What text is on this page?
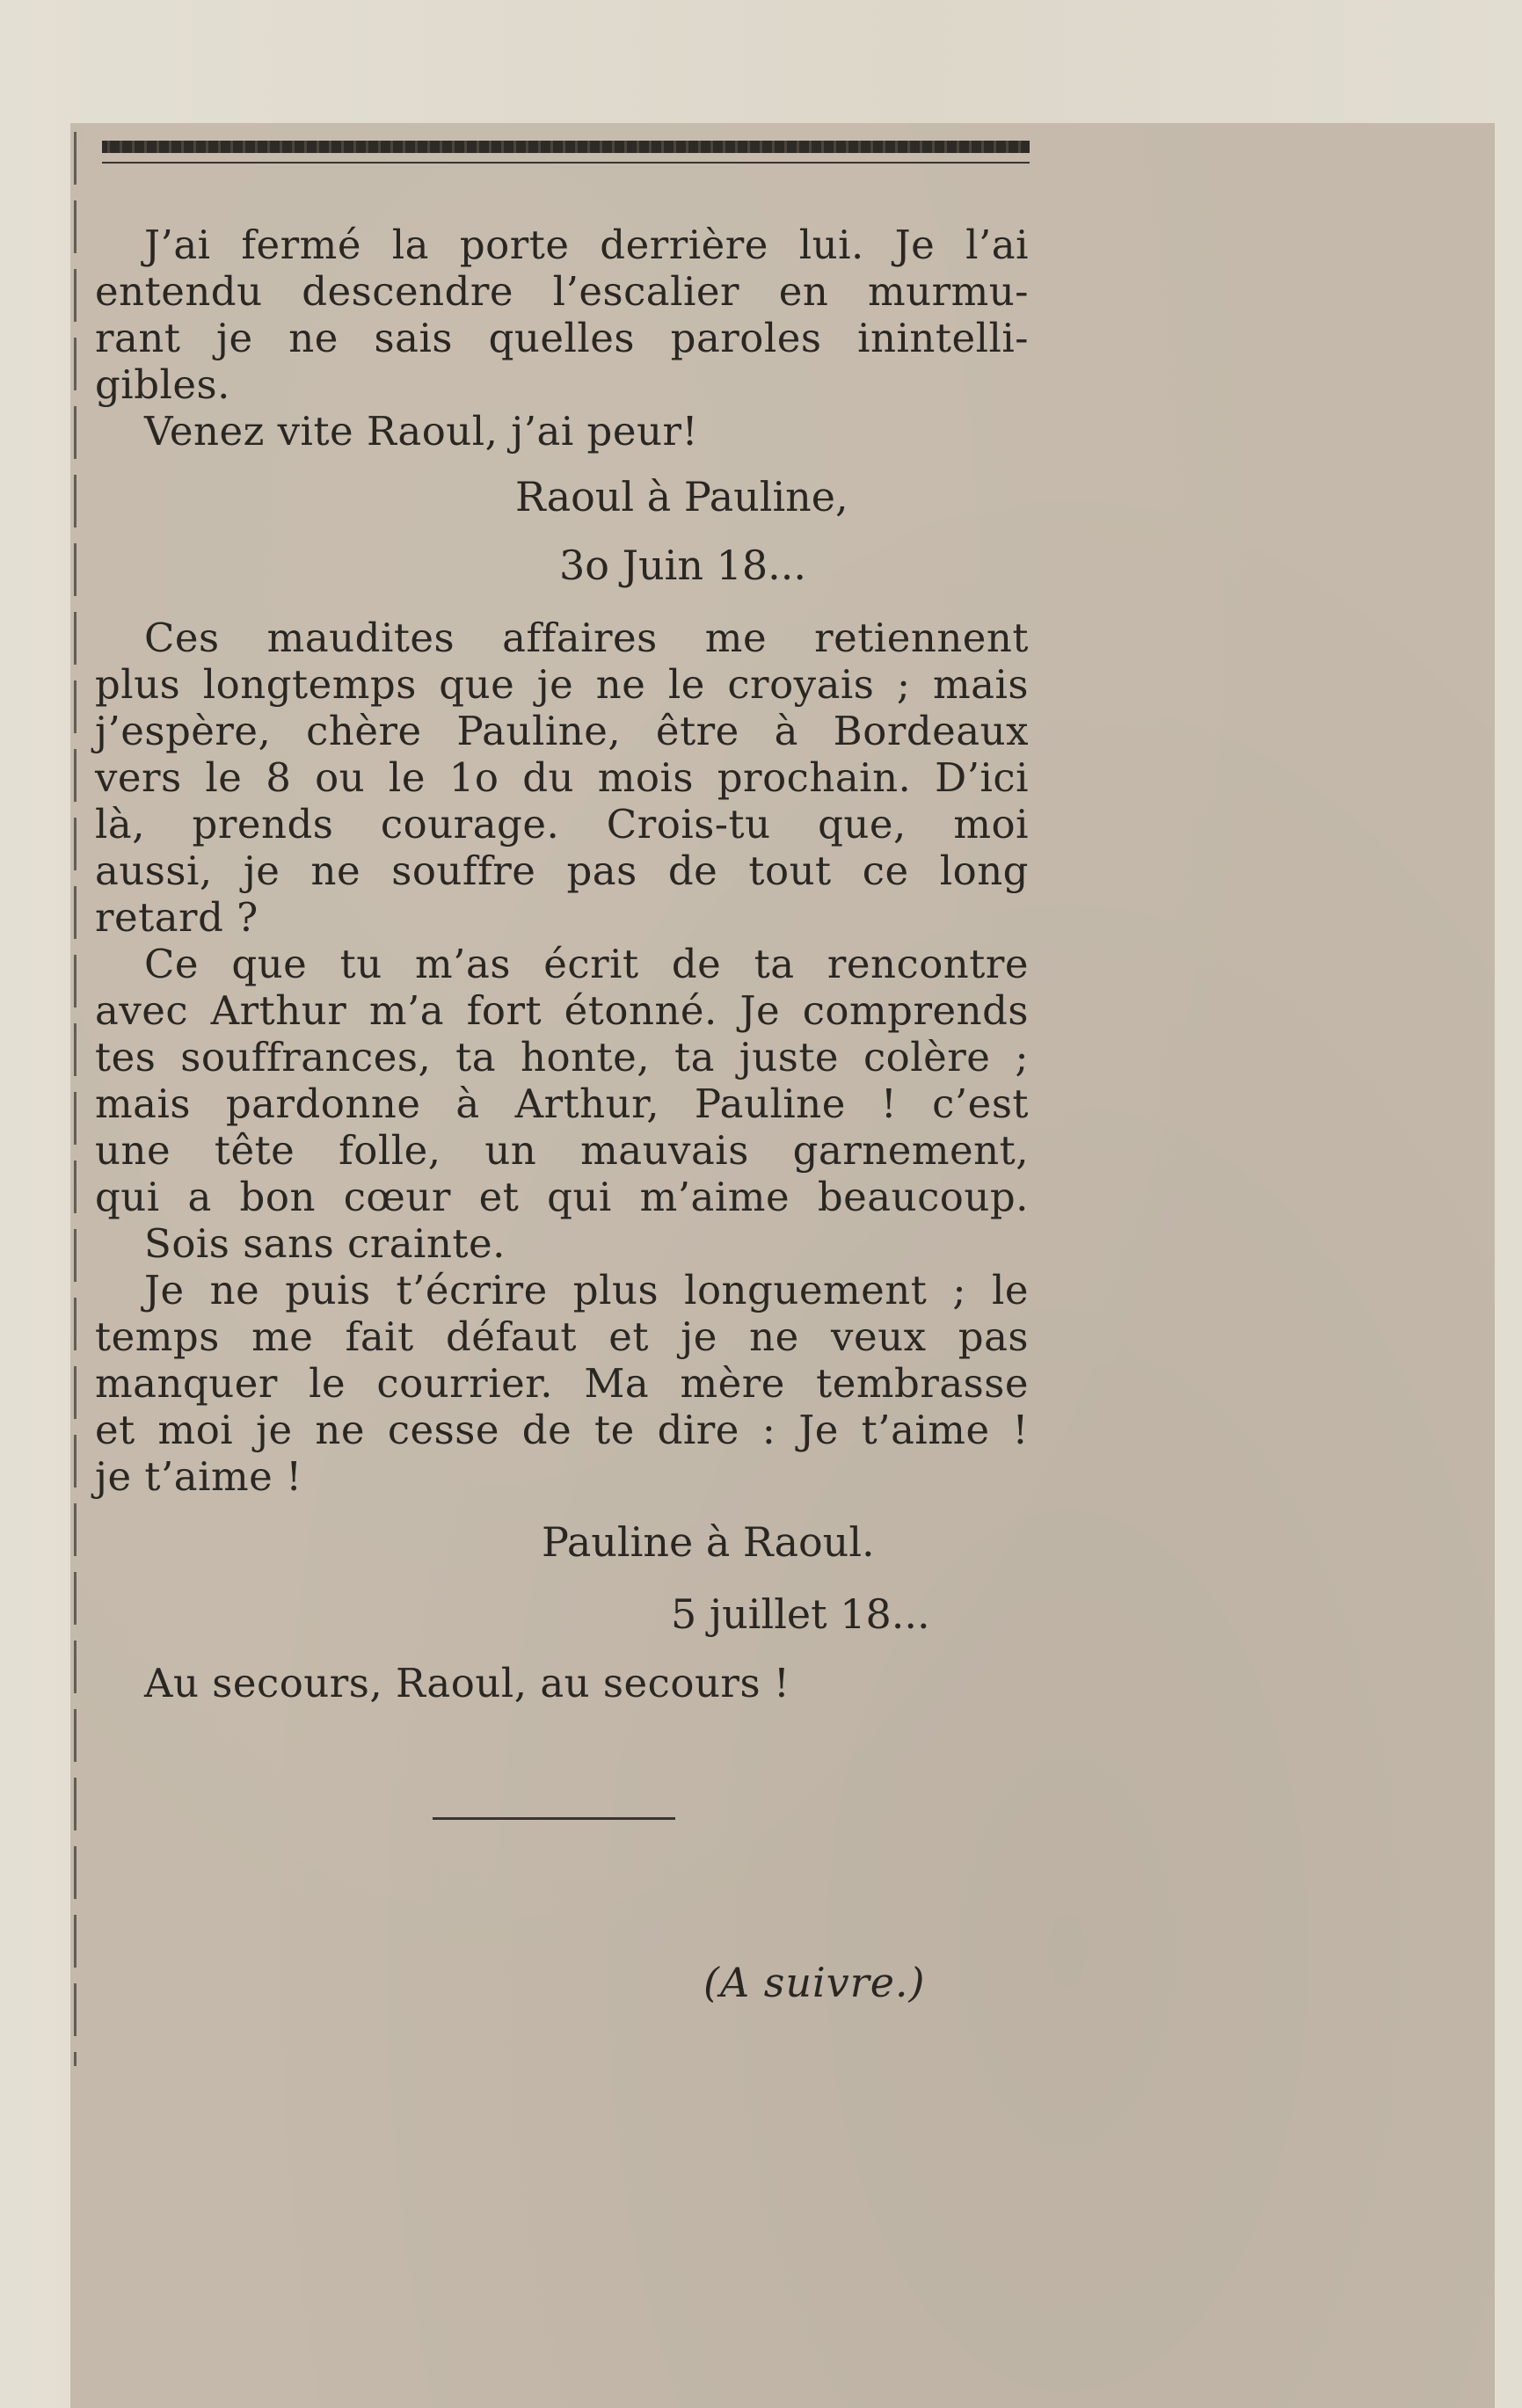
J’ai fermé la porte derrière lui. Je l’ai
entendu descendre l’escalier en murmu-
rant je ne sais quelles paroles inintelli-
gibles.
Venez vite Raoul, j’ai peur!
Raoul à Pauline,
3o Juin 18...
Ces maudites affaires me retiennent
plus longtemps que je ne le croyais ; mais
j’espère, chère Pauline, être à Bordeaux
vers le 8 ou le 1o du mois prochain. D’ici
là, prends courage. Crois-tu que, moi
aussi, je ne souffre pas de tout ce long
retard ?
Ce que tu m’as écrit de ta rencontre
avec Arthur m’a fort étonné. Je comprends
tes souffrances, ta honte, ta juste colère ;
mais pardonne à Arthur, Pauline ! c’est
une tête folle, un mauvais garnement,
qui a bon cœur et qui m’aime beaucoup.
Sois sans crainte.
Je ne puis t’écrire plus longuement ; le
temps me fait défaut et je ne veux pas
manquer le courrier. Ma mère tembrasse
et moi je ne cesse de te dire : Je t’aime !
je t’aime !
Pauline à Raoul.
5 juillet 18...
Au secours, Raoul, au secours !
(A suivre.)
